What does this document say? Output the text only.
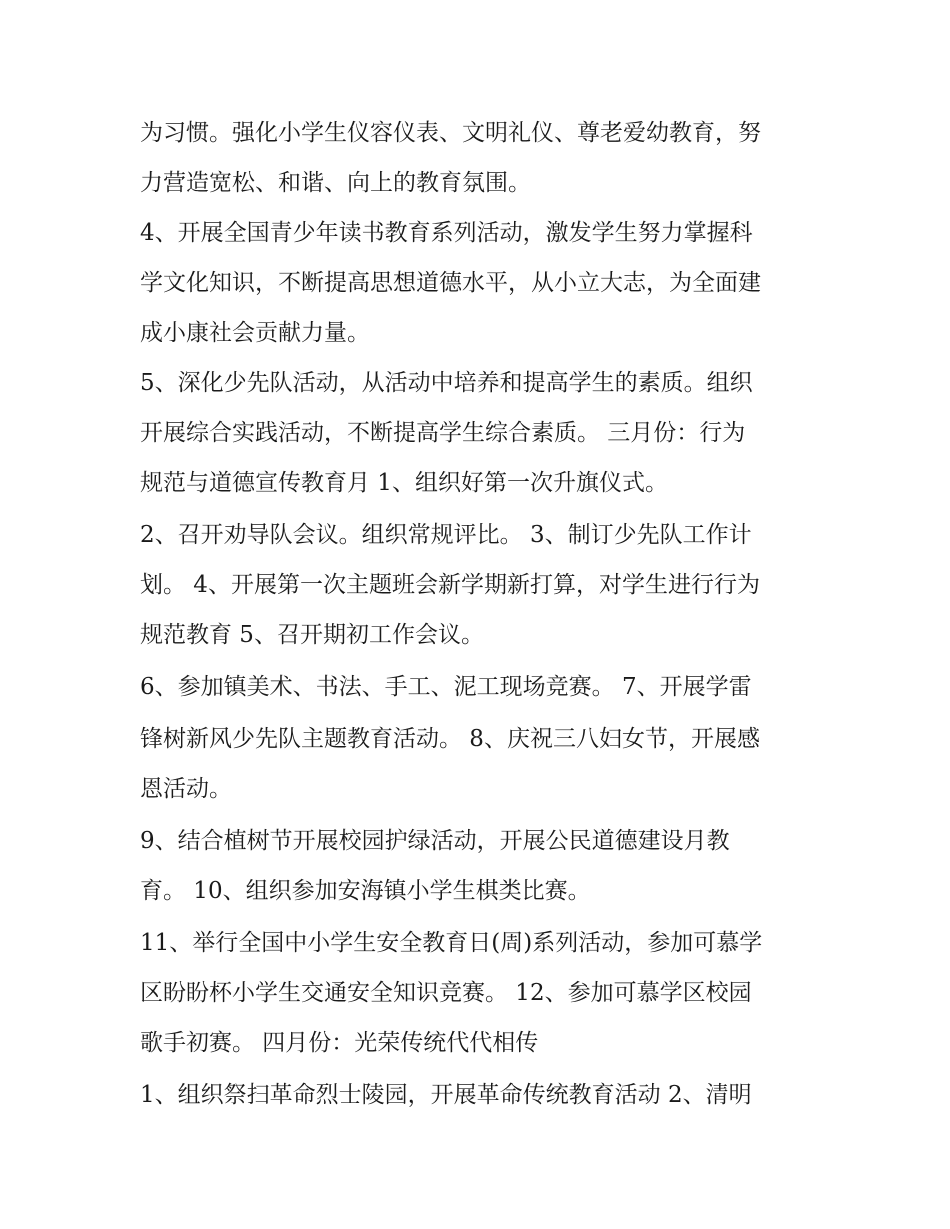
为习惯。强化小学生仪容仪表、文明礼仪、尊老爱幼教育，努
力营造宽松、和谐、向上的教育氛围。
4、开展全国青少年读书教育系列活动，激发学生努力掌握科
学文化知识，不断提高思想道德水平，从小立大志，为全面建
成小康社会贡献力量。
5、深化少先队活动，从活动中培养和提高学生的素质。组织
开展综合实践活动，不断提高学生综合素质。 三月份：行为
规范与道德宣传教育月 1、组织好第一次升旗仪式。
2、召开劝导队会议。组织常规评比。 3、制订少先队工作计
划。 4、开展第一次主题班会新学期新打算，对学生进行行为
规范教育 5、召开期初工作会议。
6、参加镇美术、书法、手工、泥工现场竞赛。 7、开展学雷
锋树新风少先队主题教育活动。 8、庆祝三八妇女节，开展感
恩活动。
9、结合植树节开展校园护绿活动，开展公民道德建设月教
育。 10、组织参加安海镇小学生棋类比赛。
11、举行全国中小学生安全教育日(周)系列活动，参加可慕学
区盼盼杯小学生交通安全知识竞赛。 12、参加可慕学区校园
歌手初赛。 四月份：光荣传统代代相传
1、组织祭扫革命烈士陵园，开展革命传统教育活动 2、清明
